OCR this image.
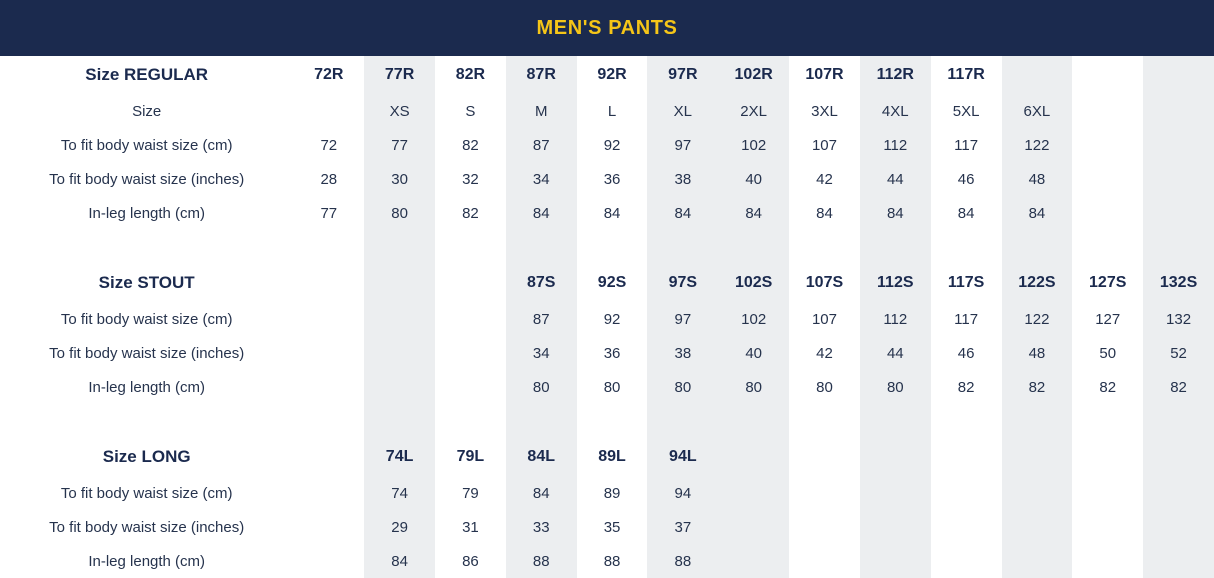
MEN'S PANTS
Size REGULAR	72R	77R	82R	87R	92R	97R	102R	107R	112R	117R			
Size		XS	S	M	L	XL	2XL	3XL	4XL	5XL	6XL		
To fit body waist size (cm)	72	77	82	87	92	97	102	107	112	117	122		
To fit body waist size (inches)	28	30	32	34	36	38	40	42	44	46	48		
In-leg length (cm)	77	80	82	84	84	84	84	84	84	84	84		

Size STOUT				87S	92S	97S	102S	107S	112S	117S	122S	127S	132S
To fit body waist size (cm)				87	92	97	102	107	112	117	122	127	132
To fit body waist size (inches)				34	36	38	40	42	44	46	48	50	52
In-leg length (cm)				80	80	80	80	80	80	82	82	82	82

Size LONG		74L	79L	84L	89L	94L							
To fit body waist size (cm)		74	79	84	89	94							
To fit body waist size (inches)		29	31	33	35	37							
In-leg length (cm)		84	86	88	88	88							
